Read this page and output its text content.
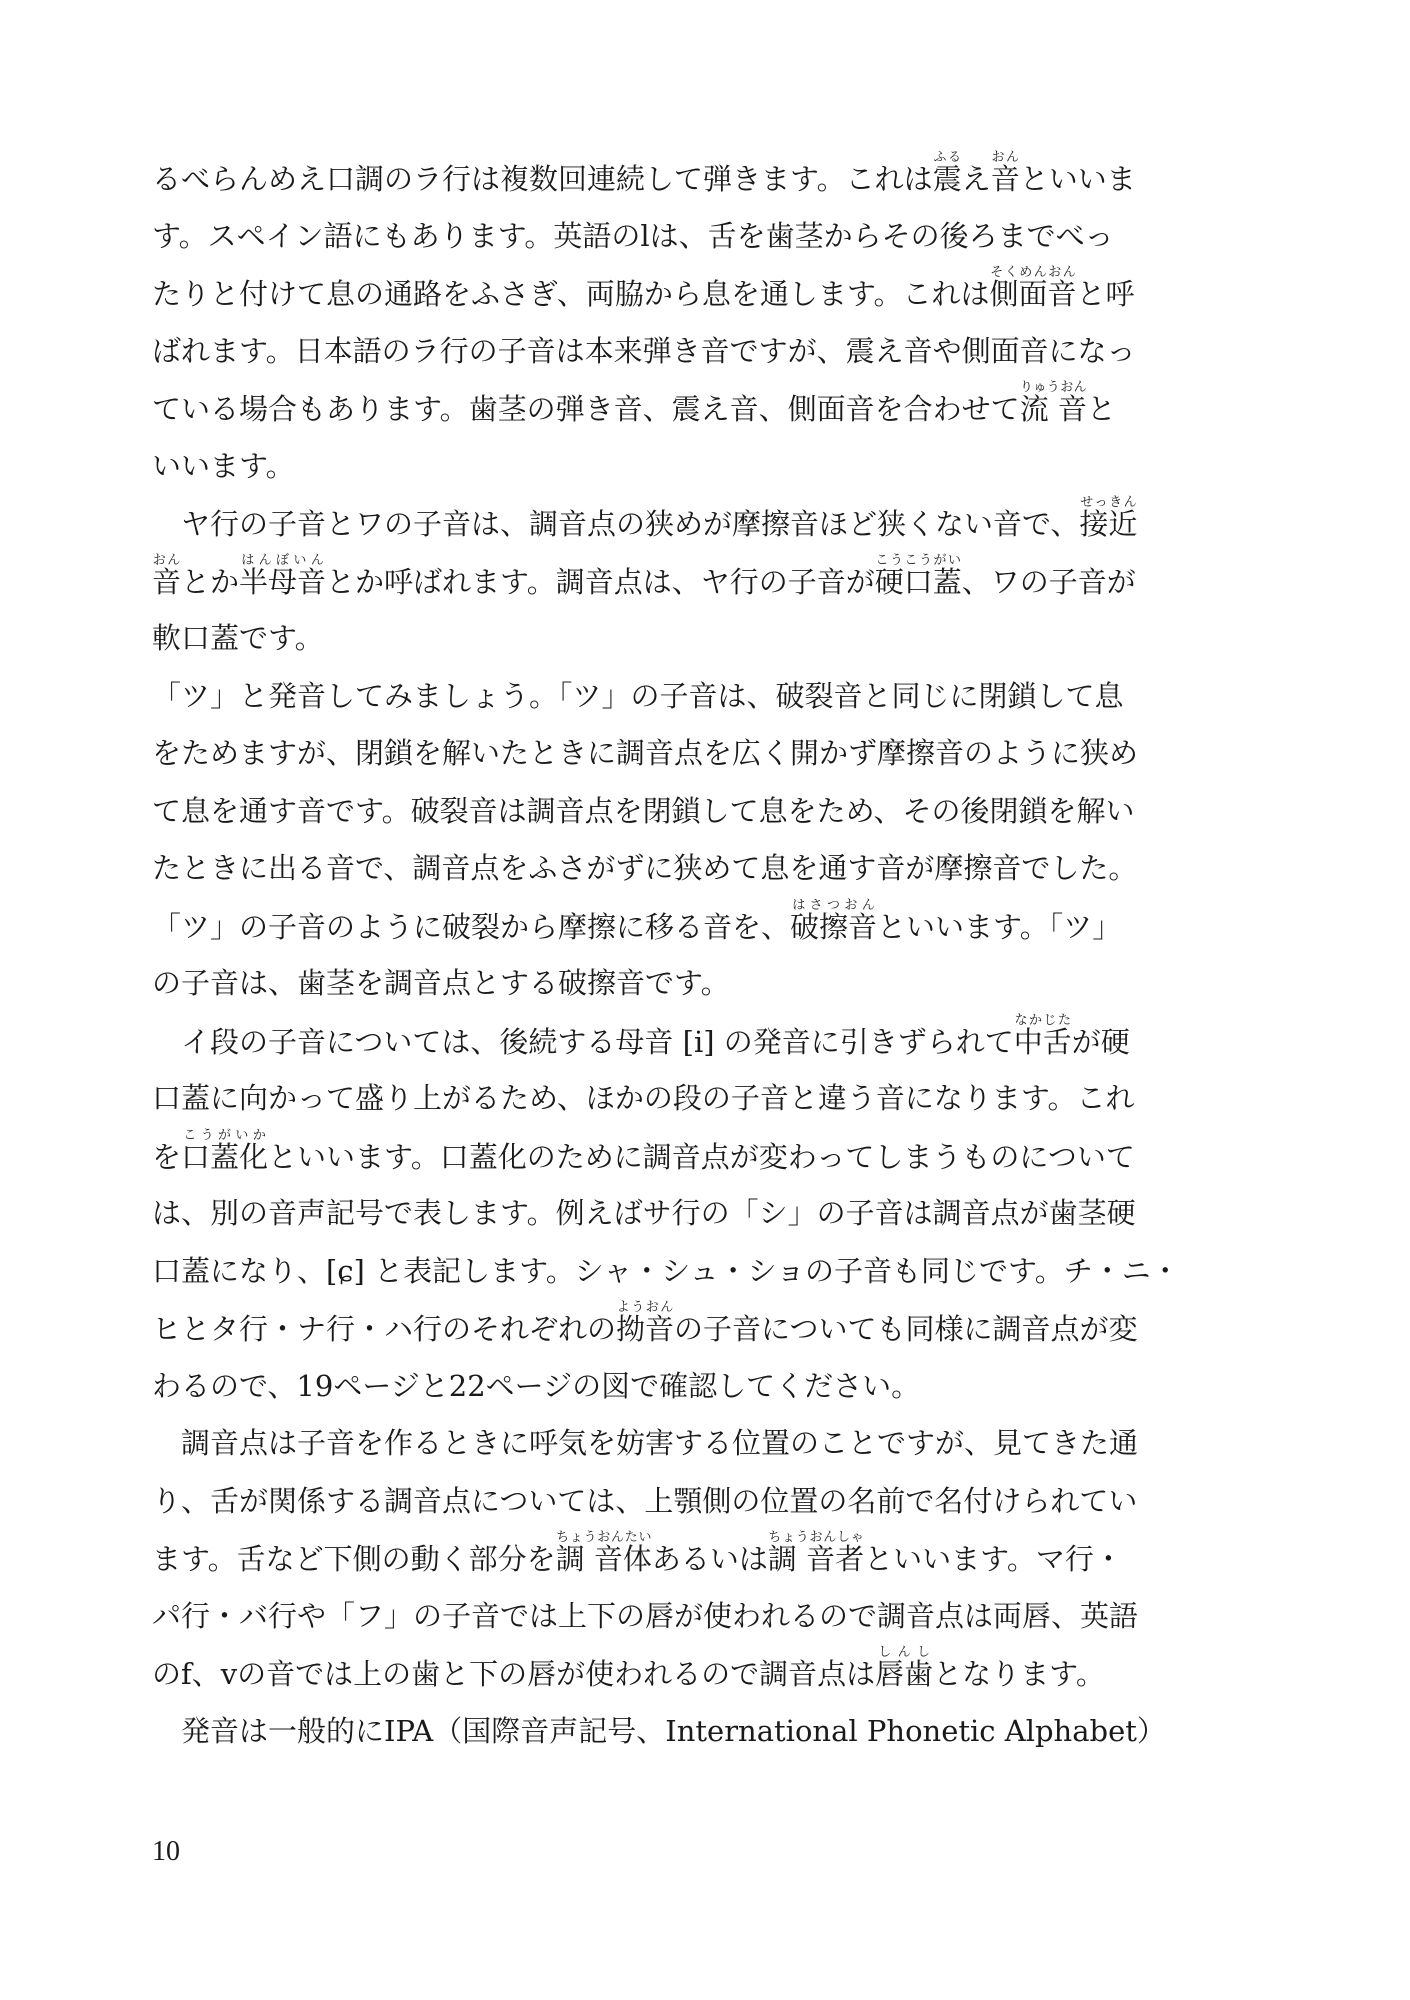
るべらんめえ口調のラ行は複数回連続して弾きます。これは震ふるえ音おんといいま
す。スペイン語にもあります。英語のlは、舌を歯茎からその後ろまでべっ
たりと付けて息の通路をふさぎ、両脇から息を通します。これは側面音そくめんおんと呼
ばれます。日本語のラ行の子音は本来弾き音ですが、震え音や側面音になっ
ている場合もあります。歯茎の弾き音、震え音、側面音を合わせて流 音りゅうおんと
いいます。
　ヤ行の子音とワの子音は、調音点の狭めが摩擦音ほど狭くない音で、接近せっきん
音おんとか半母音はんぼいんとか呼ばれます。調音点は、ヤ行の子音が硬口蓋こうこうがい、ワの子音が
軟口蓋です。
「ツ」と発音してみましょう。「ツ」の子音は、破裂音と同じに閉鎖して息
をためますが、閉鎖を解いたときに調音点を広く開かず摩擦音のように狭め
て息を通す音です。破裂音は調音点を閉鎖して息をため、その後閉鎖を解い
たときに出る音で、調音点をふさがずに狭めて息を通す音が摩擦音でした。
「ツ」の子音のように破裂から摩擦に移る音を、破擦音はさつおんといいます。「ツ」
の子音は、歯茎を調音点とする破擦音です。
　イ段の子音については、後続する母音 [i] の発音に引きずられて中舌なかじたが硬
口蓋に向かって盛り上がるため、ほかの段の子音と違う音になります。これ
を口蓋化こうがいかといいます。口蓋化のために調音点が変わってしまうものについて
は、別の音声記号で表します。例えばサ行の「シ」の子音は調音点が歯茎硬
口蓋になり、[ɕ] と表記します。シャ・シュ・ショの子音も同じです。チ・ニ・
ヒとタ行・ナ行・ハ行のそれぞれの拗音ようおんの子音についても同様に調音点が変
わるので、19ページと22ページの図で確認してください。
　調音点は子音を作るときに呼気を妨害する位置のことですが、見てきた通
り、舌が関係する調音点については、上顎側の位置の名前で名付けられてい
ます。舌など下側の動く部分を調 音体ちょうおんたいあるいは調 音者ちょうおんしゃといいます。マ行・
パ行・バ行や「フ」の子音では上下の唇が使われるので調音点は両唇、英語
のf、vの音では上の歯と下の唇が使われるので調音点は唇歯しんしとなります。
　発音は一般的にIPA（国際音声記号、International Phonetic Alphabet）
10
